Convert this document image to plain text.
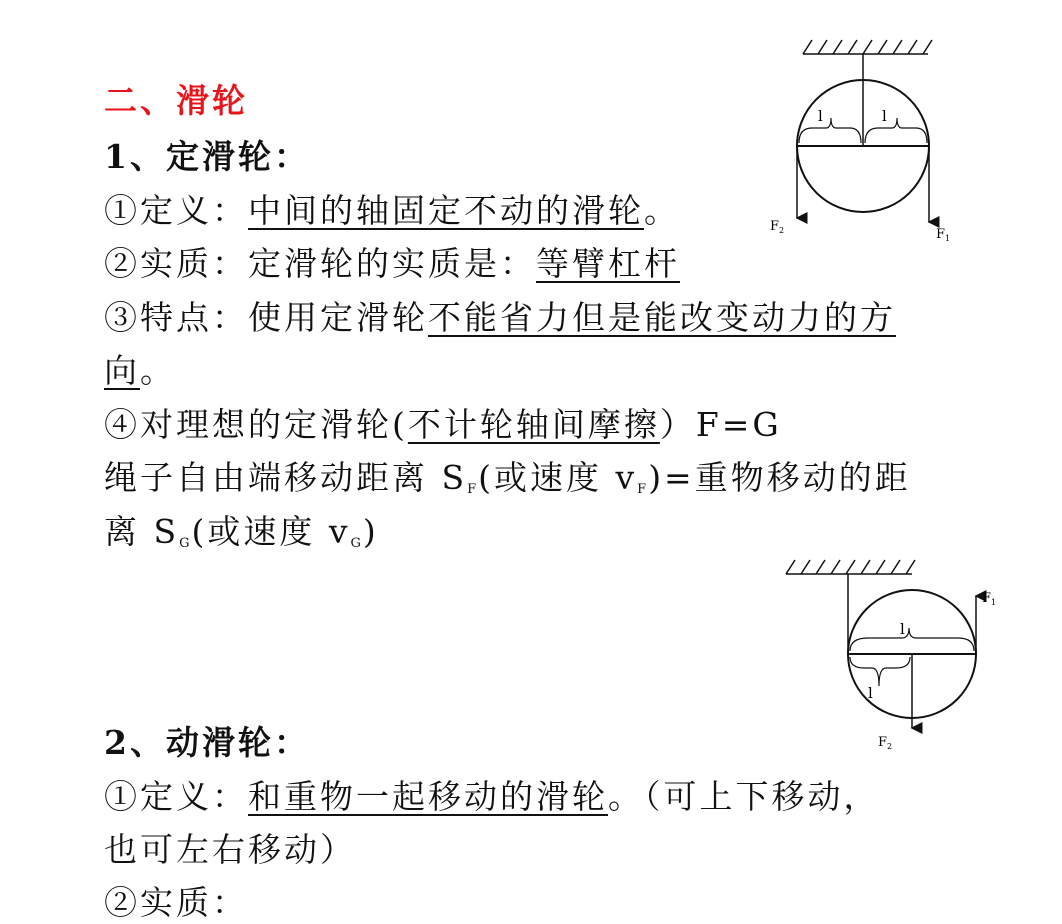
二、滑轮
1、定滑轮：
①定义：中间的轴固定不动的滑轮。
②实质：定滑轮的实质是：等臂杠杆
③特点：使用定滑轮不能省力但是能改变动力的方
向。
④对理想的定滑轮(不计轮轴间摩擦）F=G
绳子自由端移动距离 $S_F$(或速度 $v_F)=$重物移动的距
离 $S_G$(或速度 $v_G$)
2、动滑轮：
①定义：和重物一起移动的滑轮。（可上下移动，
也可左右移动）
②实质：
l	l
$F_2$	$F_1$
l
l
$F_1$
$F_2$
